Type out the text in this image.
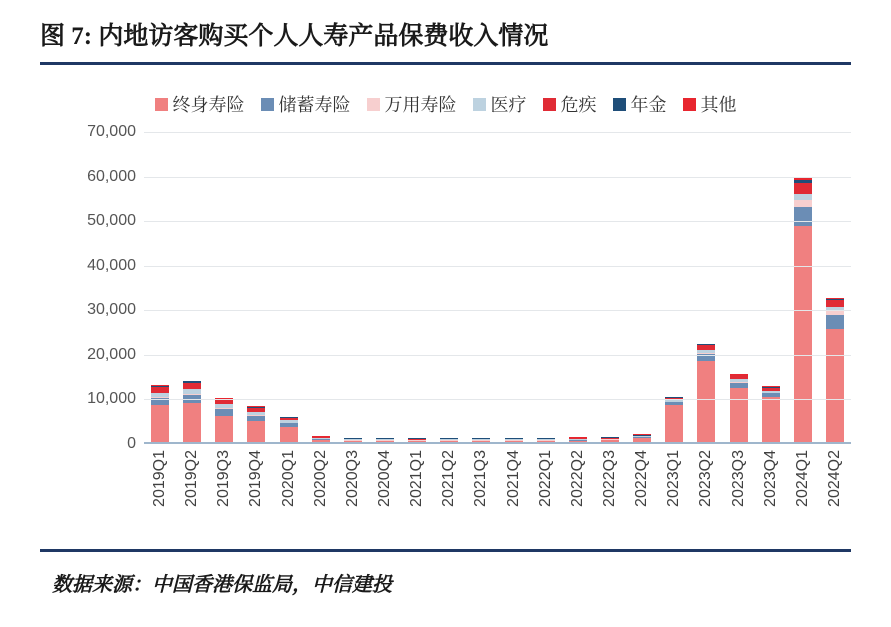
图 7: 内地访客购买个人人寿产品保费收入情况
终身寿险 储蓄寿险 万用寿险 医疗 危疾 年金 其他
0
10,000
20,000
30,000
40,000
50,000
60,000
70,000
2019Q1 2019Q2 2019Q3 2019Q4 2020Q1 2020Q2 2020Q3 2020Q4 2021Q1 2021Q2 2021Q3 2021Q4 2022Q1 2022Q2 2022Q3 2022Q4 2023Q1 2023Q2 2023Q3 2023Q4 2024Q1 2024Q2
数据来源：中国香港保监局，中信建投
